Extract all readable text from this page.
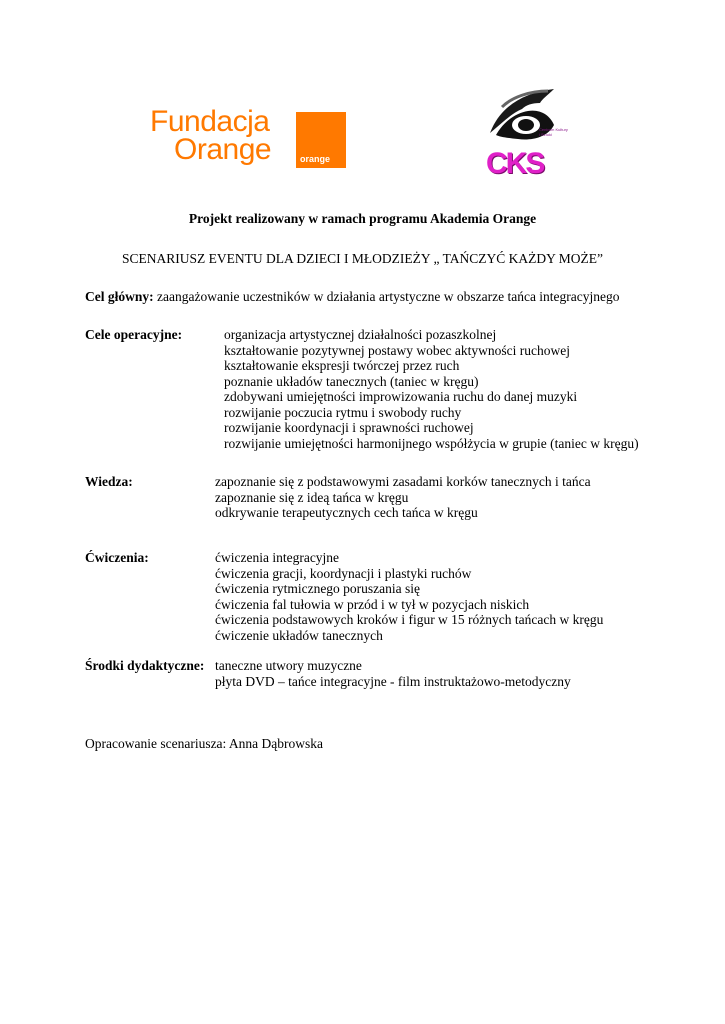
Fundacja
Orange	orange
Centrum Kultury i Sztuki
CKS
Projekt realizowany w ramach programu Akademia Orange
SCENARIUSZ EVENTU DLA DZIECI I MŁODZIEŻY „ TAŃCZYĆ KAŻDY MOŻE”
Cel główny: zaangażowanie uczestników w działania artystyczne w obszarze tańca integracyjnego
Cele operacyjne:	organizacja artystycznej działalności pozaszkolnej
kształtowanie pozytywnej postawy wobec aktywności ruchowej
kształtowanie ekspresji twórczej przez ruch
poznanie układów tanecznych (taniec w kręgu)
zdobywani umiejętności improwizowania ruchu do danej muzyki
rozwijanie poczucia rytmu i swobody ruchy
rozwijanie koordynacji i sprawności ruchowej
rozwijanie umiejętności harmonijnego współżycia w grupie (taniec w kręgu)
Wiedza:	zapoznanie się z podstawowymi zasadami korków tanecznych i tańca
zapoznanie się z ideą tańca w kręgu
odkrywanie terapeutycznych cech tańca w kręgu
Ćwiczenia:	ćwiczenia integracyjne
ćwiczenia gracji, koordynacji i plastyki ruchów
ćwiczenia rytmicznego poruszania się
ćwiczenia fal tułowia w przód i w tył w pozycjach niskich
ćwiczenia podstawowych kroków i figur w 15 różnych tańcach w kręgu
ćwiczenie układów tanecznych
Środki dydaktyczne: taneczne utwory muzyczne
płyta DVD – tańce integracyjne - film instruktażowo-metodyczny
Opracowanie scenariusza: Anna Dąbrowska
